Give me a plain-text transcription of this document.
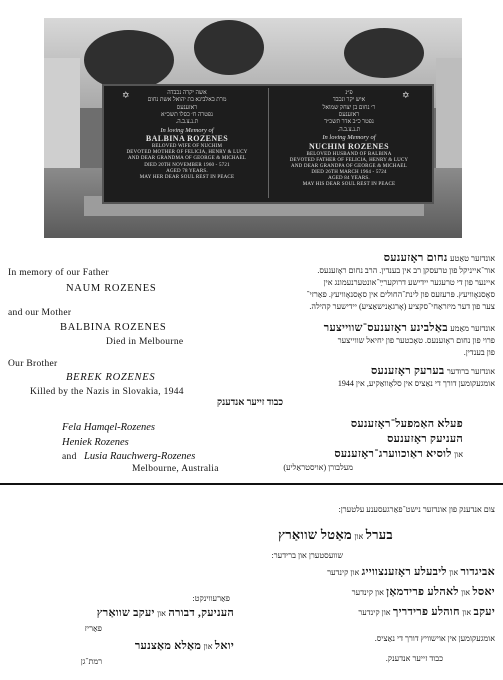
✡	✡
אשה יקרה נכבדה
מרת באלבינא בת יהואל אשת נחום
ראזענעס
נפטרה ח׳ כסלו תשכ״א
ת.נ.צ.ב.ה.
In loving Memory of
BALBINA ROZENES
BELOVED WIFE OF NUCHIM
DEVOTED MOTHER OF FELICIA, HENRY & LUCY
AND DEAR GRANDMA OF GEORGE & MICHAEL
DIED 20TH NOVEMBER 1960 - 5721
AGED 78 YEARS.
MAY HER DEAR SOUL REST IN PEACE
פ״נ
איש יקר ונכבד
ר׳ נחום בן יצחק שמואל
ראזענעס
נפטר כ״ב אדר תשכ״ד
ת.נ.צ.ב.ה.
In loving Memory of
NUCHIM ROZENES
BELOVED HUSBAND OF BALBINA
DEVOTED FATHER OF FELICIA, HENRY & LUCY
AND DEAR GRANDPA OF GEORGE & MICHAEL
DIED 26TH MARCH 1964 - 5724
AGED 84 YEARS.
MAY HIS DEAR SOUL REST IN PEACE
In memory of our Father
NAUM ROZENES
and our Mother
BALBINA ROZENES
Died in Melbourne
Our Brother
BEREK ROZENES
Killed by the Nazis in Slovakia, 1944
Fela Hamqel-Rozenes
Heniek Rozenes
and Lusia Rauchwerg-Rozenes
Melbourne, Australia
אונדזער טאַטע נחום ראָזענעס
אור־אייניקל פון טרעסקן רב אין בענדין. הרב נחום ראָזענעס.
איינער פון די טרעגער יידישע דרוקערײַ־אונטערנעמונג אין
סאָסנאָוויעץ. פּרעזעס פון לינת־החולים אין סאָסנאָוויעץ. פאַרזי־
צער פון דער מיזראַחי־סקציע (אָרגאַנישאַציע) יידישער קהילה.
אונדזער מאַמע באַלבינע ראָזענעס־שווייצער
פרוי פון נחום ראָזענעס. טאָכטער פון יחיאל שווייצער
פון בענדין.
אונדזער ברודער בערעק ראָזענעס
אומגעקומען דורך די נאַציס אין סלאָוואַקיע, אין 1944
כבוד זייער אנדענק
פעלא האַמפעל־ראָזענעס
העניעק ראָזענעס
און לוסיא ראַוכווערג־ראָזענעס
מעלבורן (אויסטראַליע)
צום אנדענק פון אונדזער נישט־פאַרגעסענע עלטערן:
בערל און מאַטל שוואַרץ
שוועסטערן און ברידער:
אביגדור און ליבעלע ראָזענצווייג און קינדער
יאסל און לאהלע פרידמאַן און קינדער
יעקב און חוהלע פרידריך און קינדער
אומגעקומען אין אוישוויץ דורך די נאַציס.
כבוד זייער אנדענק.
פאַרעווינקט:
העניעק, דבורה און יעקב שוואַרץ
פאַריז
יואל און מאַלא מאַצנער
רמת־גן
